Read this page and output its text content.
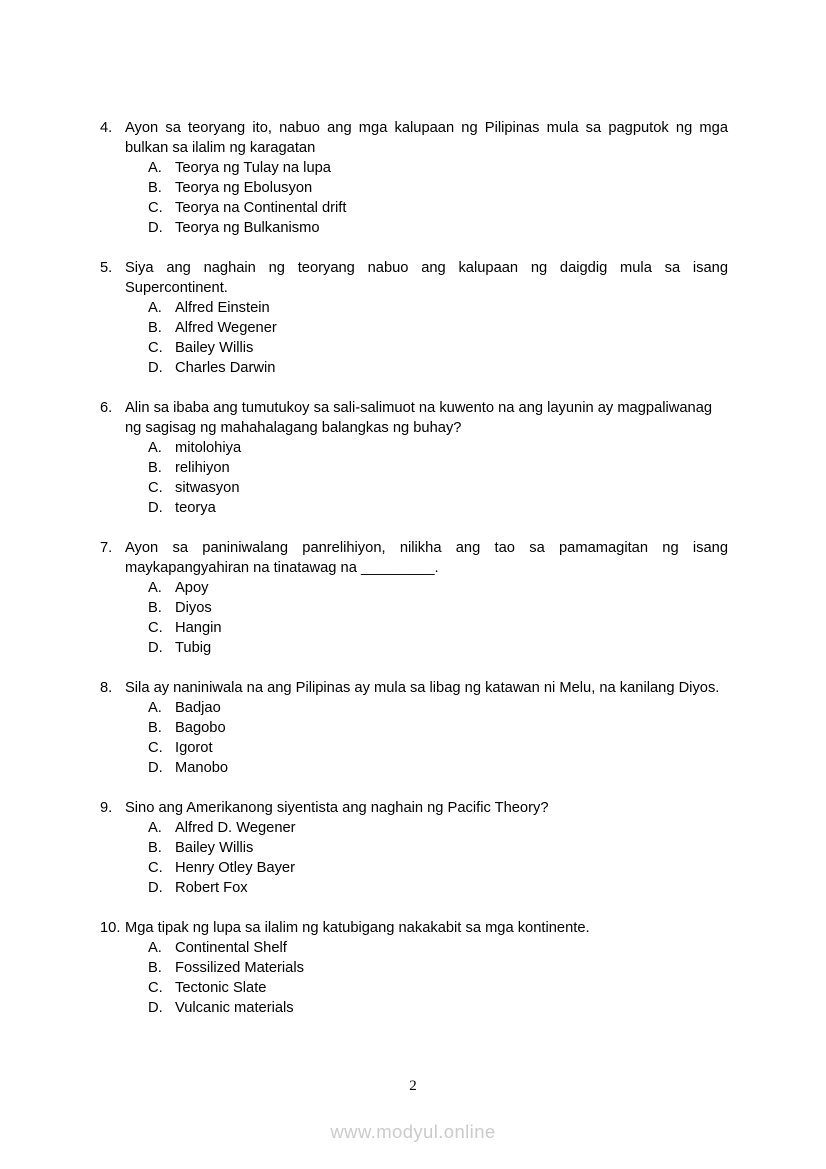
4. Ayon sa teoryang ito, nabuo ang mga kalupaan ng Pilipinas mula sa pagputok ng mga bulkan sa ilalim ng karagatan

A. Teorya ng Tulay na lupa
B. Teorya ng Ebolusyon
C. Teorya na Continental drift
D. Teorya ng Bulkanismo
5. Siya ang naghain ng teoryang nabuo ang kalupaan ng daigdig mula sa isang Supercontinent.

A. Alfred Einstein
B. Alfred Wegener
C. Bailey Willis
D. Charles Darwin
6. Alin sa ibaba ang tumutukoy sa sali-salimuot na kuwento na ang layunin ay magpaliwanag ng sagisag ng mahahalagang balangkas ng buhay?

A. mitolohiya
B. relihiyon
C. sitwasyon
D. teorya
7. Ayon sa paniniwalang panrelihiyon, nilikha ang tao sa pamamagitan ng isang maykapangyahiran na tinatawag na _________.

A. Apoy
B. Diyos
C. Hangin
D. Tubig
8. Sila ay naniniwala na ang Pilipinas ay mula sa libag ng katawan ni Melu, na kanilang Diyos.

A. Badjao
B. Bagobo
C. Igorot
D. Manobo
9. Sino ang Amerikanong siyentista ang naghain ng Pacific Theory?

A. Alfred D. Wegener
B. Bailey Willis
C. Henry Otley Bayer
D. Robert Fox
10. Mga tipak ng lupa sa ilalim ng katubigang nakakabit sa mga kontinente.

A. Continental Shelf
B. Fossilized Materials
C. Tectonic Slate
D. Vulcanic materials
2
www.modyul.online
